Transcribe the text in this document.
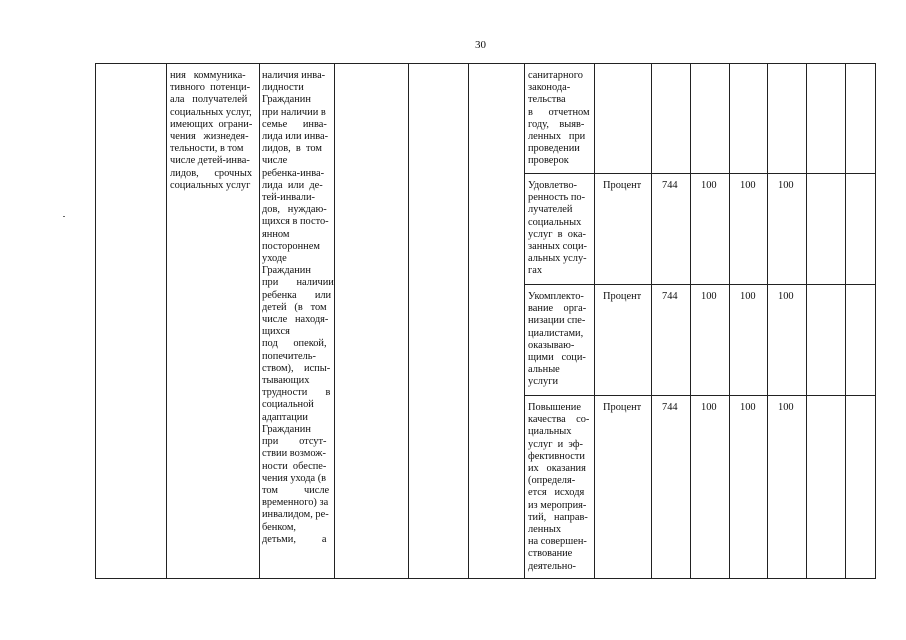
30
ния   коммуника-
тивного  потенци-
ала   получателей
социальных услуг,
имеющих  ограни-
чения   жизнедея-
тельности, в том
числе детей-инва-
лидов,      срочных
социальных услуг
наличия инва-
лидности
Гражданин
при наличии в
семье      инва-
лида или инва-
лидов,  в  том
числе
ребенка-инва-
лида  или  де-
тей-инвали-
дов,   нуждаю-
щихся в посто-
янном
постороннем
уходе
Гражданин
при       наличии
ребенка       или
детей   (в   том
числе   находя-
щихся
под      опекой,
попечитель-
ством),    испы-
тывающих
трудности       в
социальной
адаптации
Гражданин
при        отсут-
ствии возмож-
ности  обеспе-
чения ухода (в
том          числе
временного) за
инвалидом, ре-
бенком,
детьми,          а
санитарного
законода-
тельства
в      отчетном
году,    выяв-
ленных   при
проведении
проверок
Удовлетво-
ренность по-
лучателей
социальных
услуг  в  ока-
занных соци-
альных услу-
гах
Укомплекто-
вание    орга-
низации спе-
циалистами,
оказываю-
щими   соци-
альные
услуги
Повышение
качества    со-
циальных
услуг  и  эф-
фективности
их   оказания
(определя-
ется   исходя
из мероприя-
тий,   направ-
ленных
на совершен-
ствование
деятельно-
Процент 744 100 100 100
Процент 744 100 100 100
Процент 744 100 100 100
